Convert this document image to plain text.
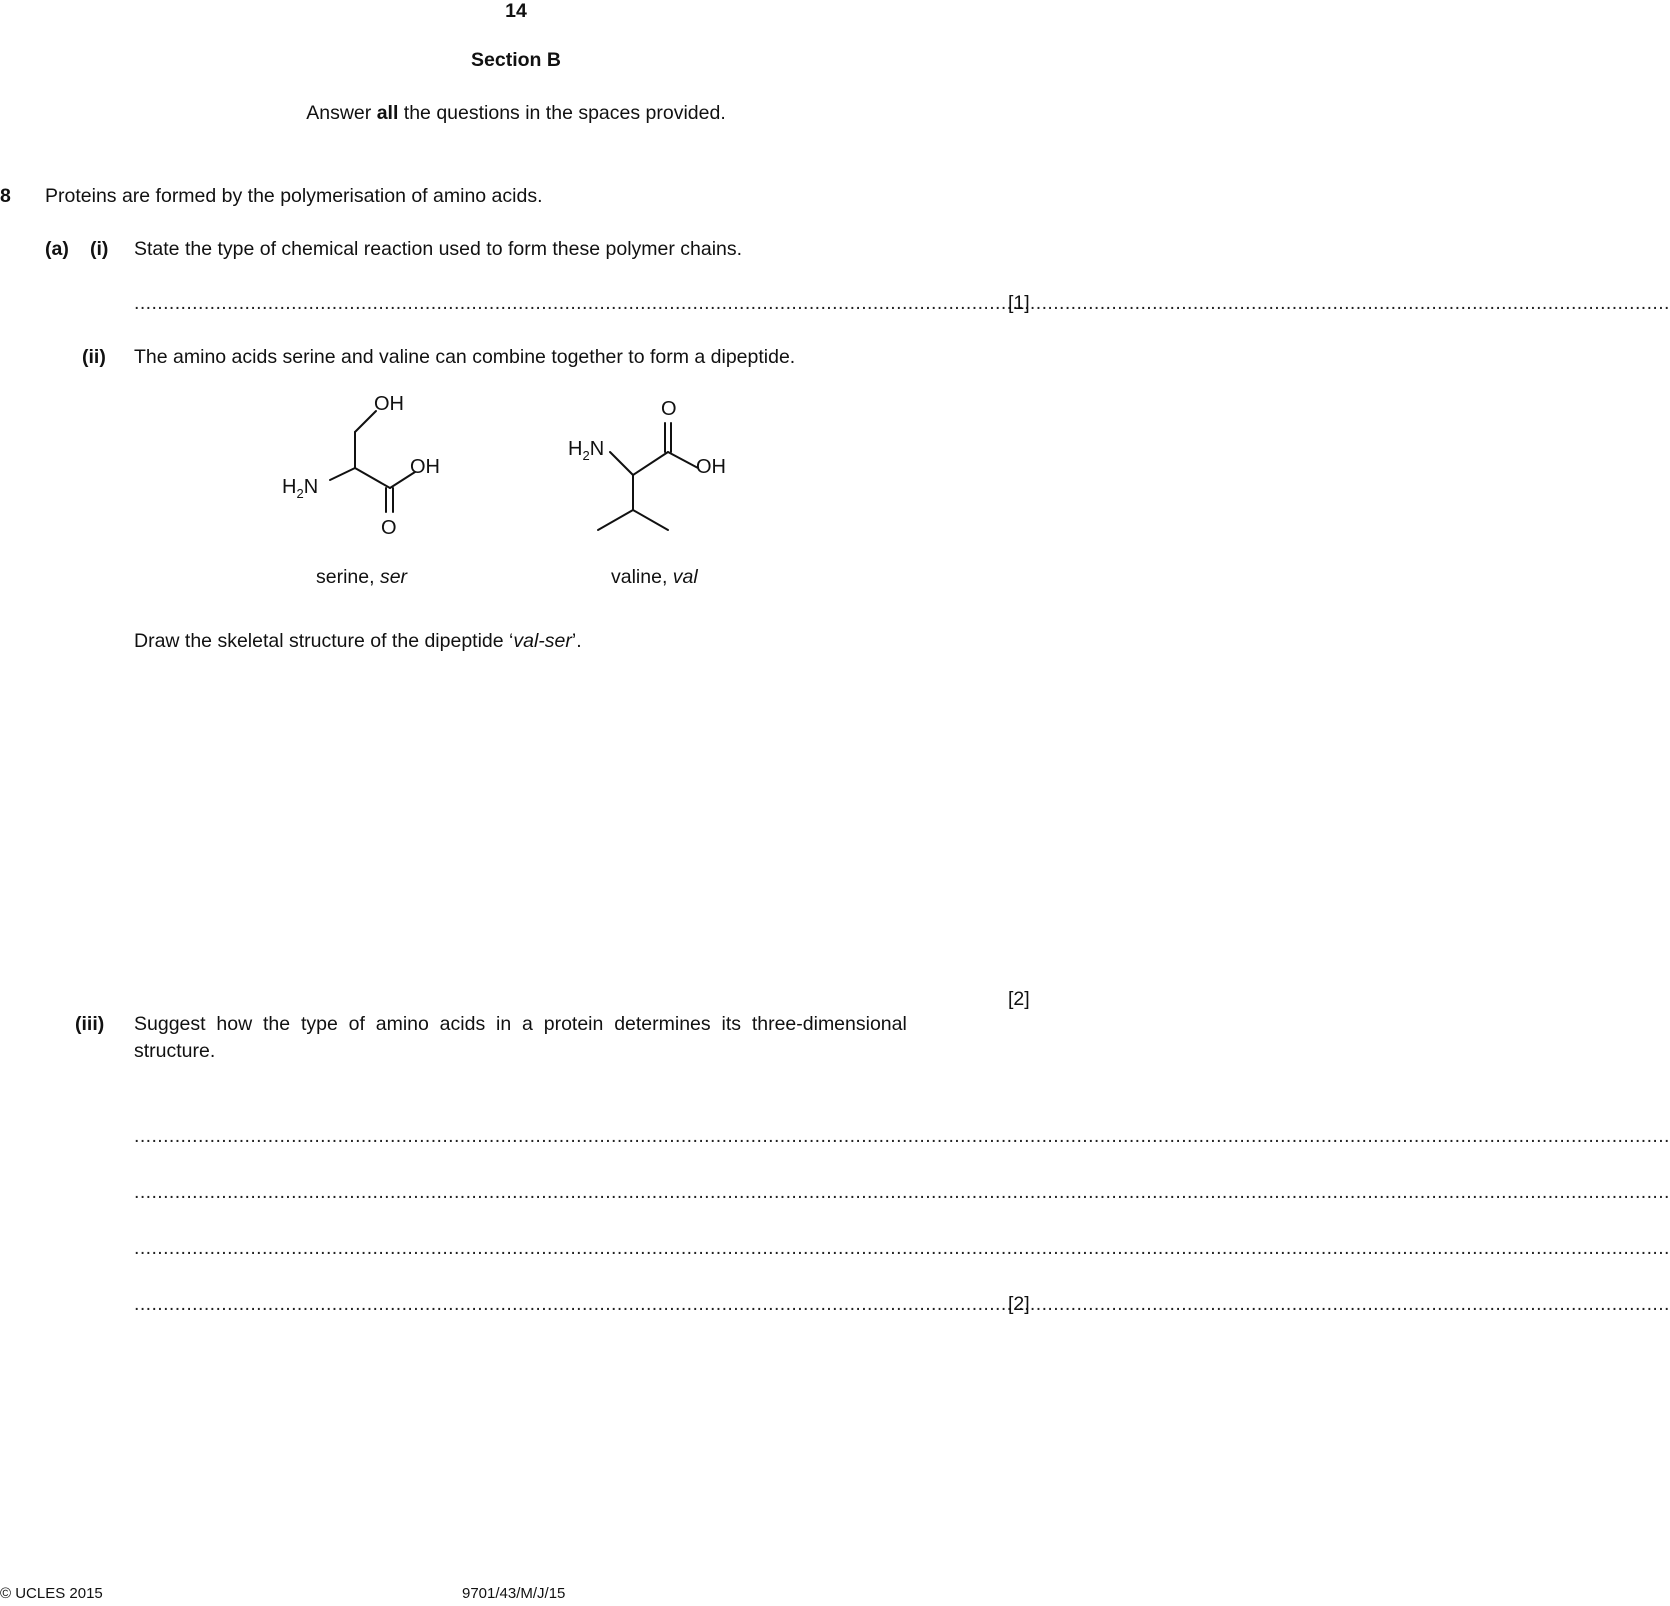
14
Section B
Answer all the questions in the spaces provided.
8 Proteins are formed by the polymerisation of amino acids.
(a) (i) State the type of chemical reaction used to form these polymer chains.
.....
[1]
(ii) The amino acids serine and valine can combine together to form a dipeptide.
OH
OH
$H_2N$
O
O
OH
$H_2N$
serine, ser	valine, val
Draw the skeletal structure of the dipeptide ‘val-ser’.
[2]
(iii) Suggest  how  the  type  of  amino  acids  in  a  protein  determines  its  three-dimensional
structure.
.....
.....
.....
.....
[2]
© UCLES 2015	9701/43/M/J/15
